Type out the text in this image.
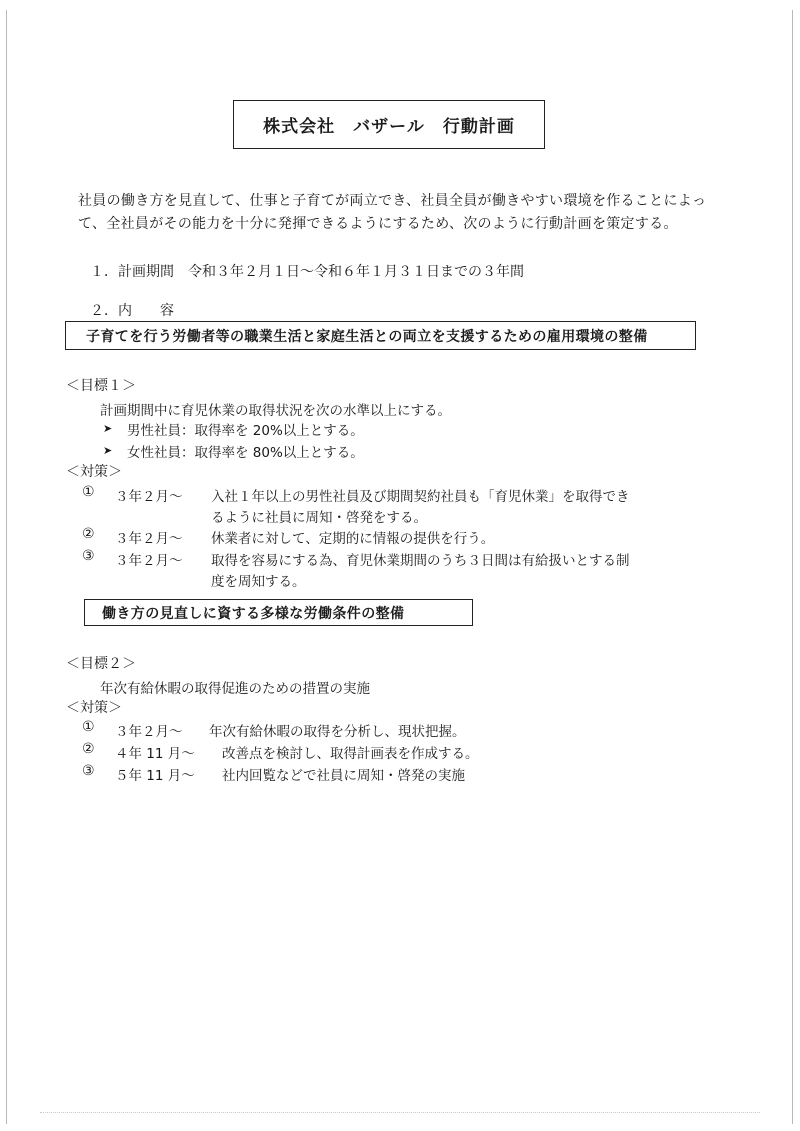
株式会社　バザール　行動計画
社員の働き方を見直して、仕事と子育てが両立でき、社員全員が働きやすい環境を作ることによっ
て、全社員がその能力を十分に発揮できるようにするため、次のように行動計画を策定する。
１．計画期間　令和３年２月１日～令和６年１月３１日までの３年間
２．内　　容
子育てを行う労働者等の職業生活と家庭生活との両立を支援するための雇用環境の整備
＜目標１＞
計画期間中に育児休業の取得状況を次の水準以上にする。
➤ 男性社員：取得率を 20%以上とする。
➤ 女性社員：取得率を 80%以上とする。
＜対策＞
① ３年２月～ 入社１年以上の男性社員及び期間契約社員も「育児休業」を取得でき
るように社員に周知・啓発をする。
② ３年２月～ 休業者に対して、定期的に情報の提供を行う。
③ ３年２月～ 取得を容易にする為、育児休業期間のうち３日間は有給扱いとする制
度を周知する。
働き方の見直しに資する多様な労働条件の整備
＜目標２＞
年次有給休暇の取得促進のための措置の実施
＜対策＞
① ３年２月～ 年次有給休暇の取得を分析し、現状把握。
② ４年 11 月～ 改善点を検討し、取得計画表を作成する。
③ ５年 11 月～ 社内回覧などで社員に周知・啓発の実施
